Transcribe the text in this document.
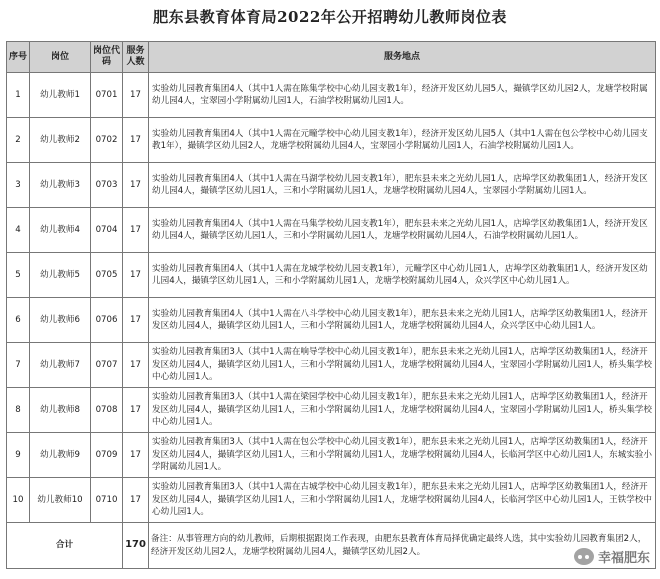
肥东县教育体育局2022年公开招聘幼儿教师岗位表
序号	岗位	岗位代码	服务人数	服务地点
1	幼儿教师1	0701	17	实验幼儿园教育集团4人（其中1人需在陈集学校中心幼儿园支教1年），经济开发区幼儿园5人，撮镇学区幼儿园2人，龙塘学校附属幼儿园4人，宝翠园小学附属幼儿园1人，石油学校附属幼儿园1人。
2	幼儿教师2	0702	17	实验幼儿园教育集团4人（其中1人需在元疃学校中心幼儿园支教1年），经济开发区幼儿园5人（其中1人需在包公学校中心幼儿园支教1年），撮镇学区幼儿园2人，龙塘学校附属幼儿园4人，宝翠园小学附属幼儿园1人，石油学校附属幼儿园1人。
3	幼儿教师3	0703	17	实验幼儿园教育集团4人（其中1人需在马湖学校幼儿园支教1年），肥东县未来之光幼儿园1人，店埠学区幼教集团1人，经济开发区幼儿园4人，撮镇学区幼儿园1人，三和小学附属幼儿园1人，龙塘学校附属幼儿园4人，宝翠园小学附属幼儿园1人。
4	幼儿教师4	0704	17	实验幼儿园教育集团4人（其中1人需在马集学校幼儿园支教1年），肥东县未来之光幼儿园1人，店埠学区幼教集团1人，经济开发区幼儿园4人，撮镇学区幼儿园1人，三和小学附属幼儿园1人，龙塘学校附属幼儿园4人，石油学校附属幼儿园1人。
5	幼儿教师5	0705	17	实验幼儿园教育集团4人（其中1人需在龙城学校幼儿园支教1年），元疃学区中心幼儿园1人，店埠学区幼教集团1人，经济开发区幼儿园4人，撮镇学区幼儿园1人，三和小学附属幼儿园1人，龙塘学校附属幼儿园4人，众兴学区中心幼儿园1人。
6	幼儿教师6	0706	17	实验幼儿园教育集团4人（其中1人需在八斗学校中心幼儿园支教1年），肥东县未来之光幼儿园1人，店埠学区幼教集团1人，经济开发区幼儿园4人，撮镇学区幼儿园1人，三和小学附属幼儿园1人，龙塘学校附属幼儿园4人，众兴学区中心幼儿园1人。
7	幼儿教师7	0707	17	实验幼儿园教育集团3人（其中1人需在响导学校中心幼儿园支教1年），肥东县未来之光幼儿园1人，店埠学区幼教集团1人，经济开发区幼儿园4人，撮镇学区幼儿园1人，三和小学附属幼儿园1人，龙塘学校附属幼儿园4人，宝翠园小学附属幼儿园1人，桥头集学校中心幼儿园1人。
8	幼儿教师8	0708	17	实验幼儿园教育集团3人（其中1人需在梁园学校中心幼儿园支教1年），肥东县未来之光幼儿园1人，店埠学区幼教集团1人，经济开发区幼儿园4人，撮镇学区幼儿园1人，三和小学附属幼儿园1人，龙塘学校附属幼儿园4人，宝翠园小学附属幼儿园1人，桥头集学校中心幼儿园1人。
9	幼儿教师9	0709	17	实验幼儿园教育集团3人（其中1人需在包公学校中心幼儿园支教1年），肥东县未来之光幼儿园1人，店埠学区幼教集团1人，经济开发区幼儿园4人，撮镇学区幼儿园1人，三和小学附属幼儿园1人，龙塘学校附属幼儿园4人，长临河学区中心幼儿园1人，东城实验小学附属幼儿园1人。
10	幼儿教师10	0710	17	实验幼儿园教育集团3人（其中1人需在古城学校中心幼儿园支教1年），肥东县未来之光幼儿园1人，店埠学区幼教集团1人，经济开发区幼儿园4人，撮镇学区幼儿园1人，三和小学附属幼儿园1人，龙塘学校附属幼儿园4人，长临河学区中心幼儿园1人，王铁学校中心幼儿园1人。
合计			170	备注：从事管理方向的幼儿教师，后期根据跟岗工作表现，由肥东县教育体育局择优确定最终人选，其中实验幼儿园教育集团2人，经济开发区幼儿园2人，龙塘学校附属幼儿园4人，撮镇学区幼儿园2人。	幸福肥东
